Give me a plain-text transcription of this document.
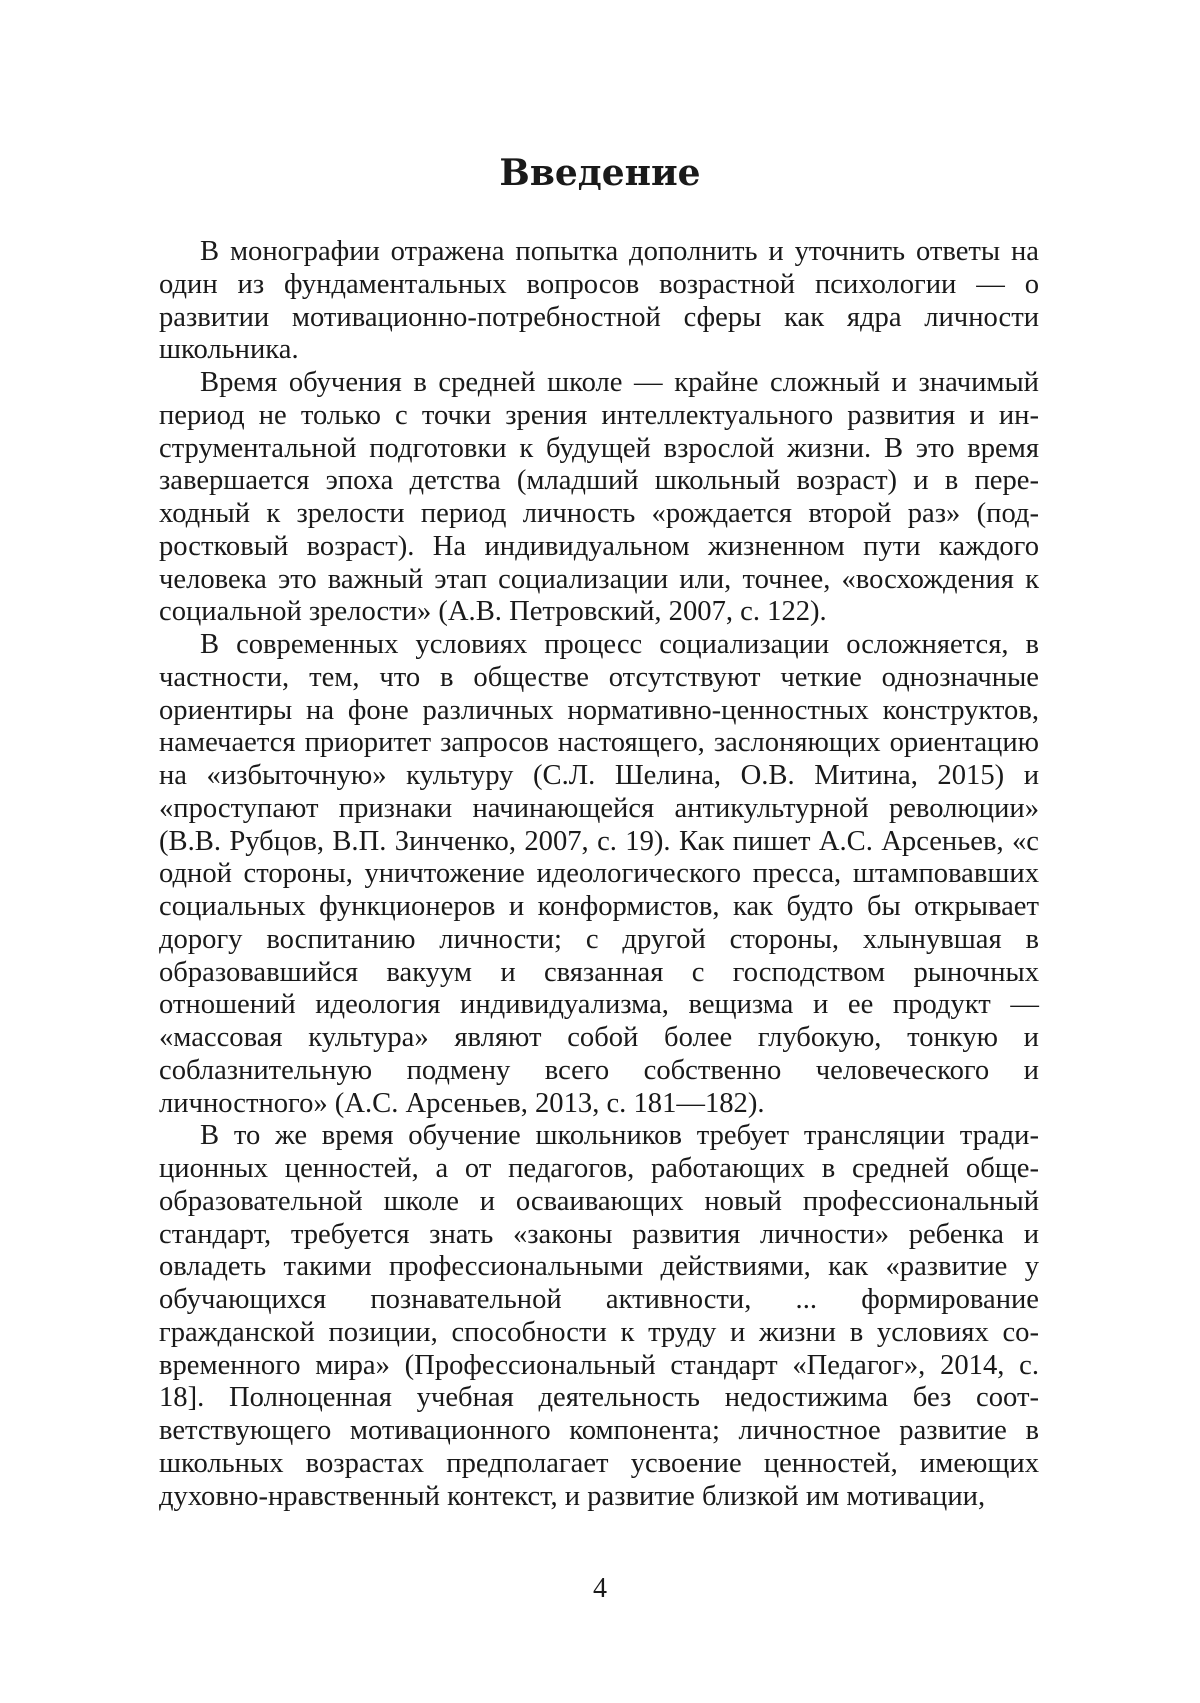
Введение

В монографии отражена попытка дополнить и уточнить ответы на один из фундаментальных вопросов возрастной психологии — о развитии мотивационно-потребностной сферы как ядра личности школьника.

Время обучения в средней школе — крайне сложный и значимый период не только с точки зрения интеллектуального развития и инструментальной подготовки к будущей взрослой жизни. В это время завершается эпоха детства (младший школьный возраст) и в переходный к зрелости период личность «рождается второй раз» (подростковый возраст). На индивидуальном жизненном пути каждого человека это важный этап социализации или, точнее, «восхождения к социальной зрелости» (А.В. Петровский, 2007, с. 122).

В современных условиях процесс социализации осложняется, в частности, тем, что в обществе отсутствуют четкие однозначные ориентиры на фоне различных нормативно-ценностных конструктов, намечается приоритет запросов настоящего, заслоняющих ориентацию на «избыточную» культуру (С.Л. Шелина, О.В. Митина, 2015) и «проступают признаки начинающейся антикультурной революции» (В.В. Рубцов, В.П. Зинченко, 2007, с. 19). Как пишет А.С. Арсеньев, «с одной стороны, уничтожение идеологического пресса, штамповавших социальных функционеров и конформистов, как будто бы открывает дорогу воспитанию личности; с другой стороны, хлынувшая в образовавшийся вакуум и связанная с господством рыночных отношений идеология индивидуализма, вещизма и ее продукт — «массовая культура» являют собой более глубокую, тонкую и соблазнительную подмену всего собственно человеческого и личностного» (А.С. Арсеньев, 2013, с. 181—182).

В то же время обучение школьников требует трансляции традиционных ценностей, а от педагогов, работающих в средней общеобразовательной школе и осваивающих новый профессиональный стандарт, требуется знать «законы развития личности» ребенка и овладеть такими профессиональными действиями, как «развитие у обучающихся познавательной активности, ... формирование гражданской позиции, способности к труду и жизни в условиях современного мира» (Профессиональный стандарт «Педагог», 2014, с. 18]. Полноценная учебная деятельность недостижима без соответствующего мотивационного компонента; личностное развитие в школьных возрастах предполагает усвоение ценностей, имеющих духовно-нравственный контекст, и развитие близкой им мотивации,

4
